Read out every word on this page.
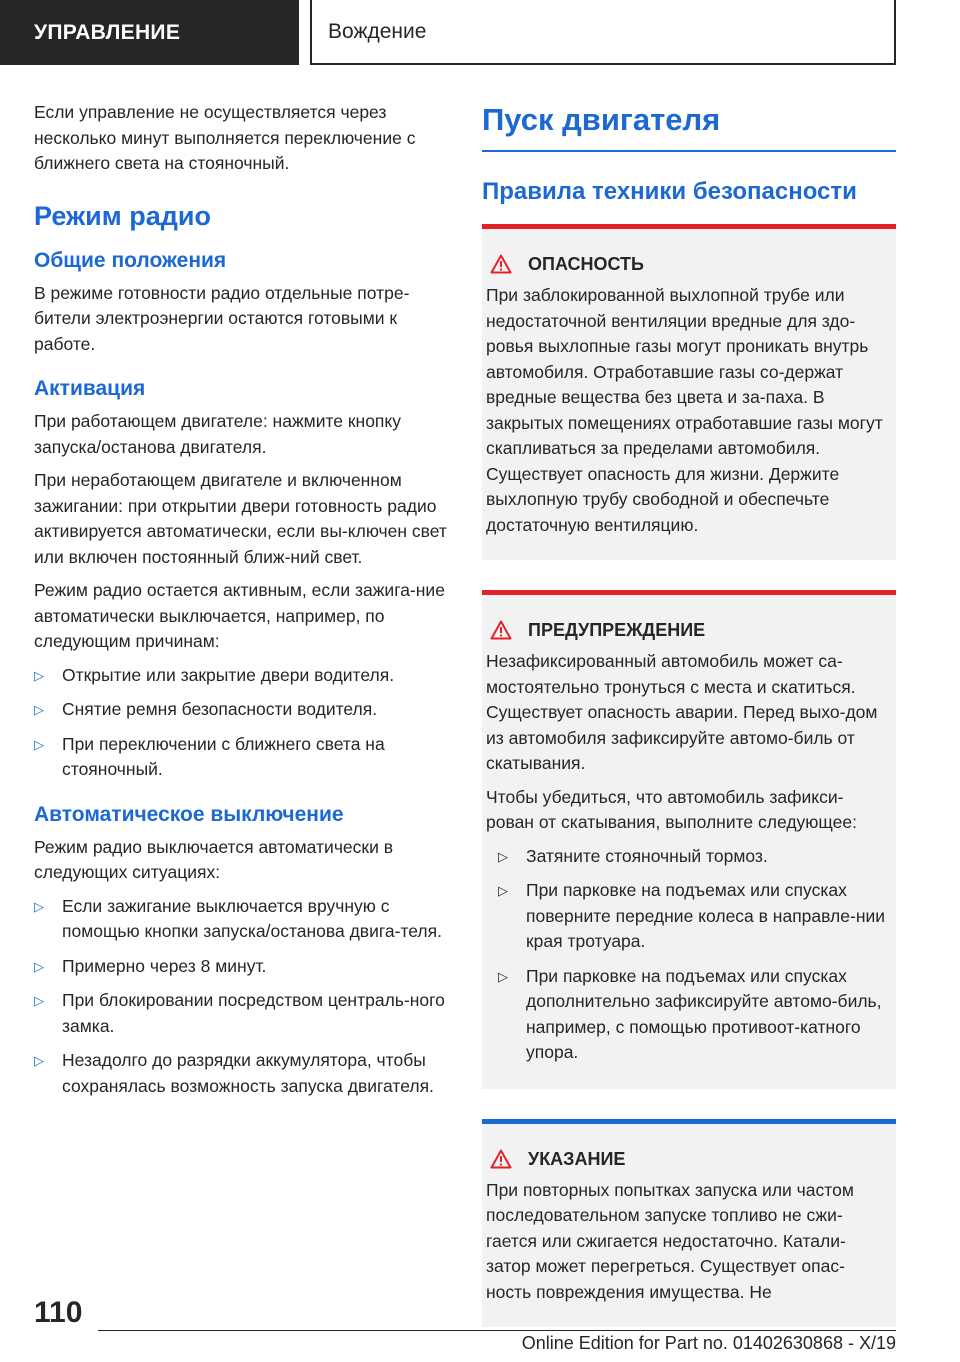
УПРАВЛЕНИЕ	Вождение

Если управление не осуществляется через несколько минут выполняется переключение с ближнего света на стояночный.

Режим радио
Общие положения

В режиме готовности радио отдельные потре-бители электроэнергии остаются готовыми к работе.

Активация

При работающем двигателе: нажмите кнопку запуска/останова двигателя.

При неработающем двигателе и включенном зажигании: при открытии двери готовность радио активируется автоматически, если вы-ключен свет или включен постоянный ближ-ний свет.

Режим радио остается активным, если зажига-ние автоматически выключается, например, по следующим причинам:

▷ Открытие или закрытие двери водителя.
▷ Снятие ремня безопасности водителя.
▷ При переключении с ближнего света на стояночный.
Автоматическое выключение

Режим радио выключается автоматически в следующих ситуациях:

▷ Если зажигание выключается вручную с помощью кнопки запуска/останова двига-теля.
▷ Примерно через 8 минут.
▷ При блокировании посредством централь-ного замка.
▷ Незадолго до разрядки аккумулятора, чтобы сохранялась возможность запуска двигателя.
Пуск двигателя
Правила техники безопасности
ОПАСНОСТЬ

При заблокированной выхлопной трубе или недостаточной вентиляции вредные для здо-ровья выхлопные газы могут проникать внутрь автомобиля. Отработавшие газы со-держат вредные вещества без цвета и за-паха. В закрытых помещениях отработавшие газы могут скапливаться за пределами автомобиля. Существует опасность для жизни. Держите выхлопную трубу свободной и обеспечьте достаточную вентиляцию.

ПРЕДУПРЕЖДЕНИЕ

Незафиксированный автомобиль может са-мостоятельно тронуться с места и скатиться. Существует опасность аварии. Перед выхо-дом из автомобиля зафиксируйте автомо-биль от скатывания.

Чтобы убедиться, что автомобиль зафикси-рован от скатывания, выполните следующее:

▷ Затяните стояночный тормоз.
▷ При парковке на подъемах или спусках поверните передние колеса в направле-нии края тротуара.
▷ При парковке на подъемах или спусках дополнительно зафиксируйте автомо-биль, например, с помощью противоот-катного упора.
УКАЗАНИЕ

При повторных попытках запуска или частом последовательном запуске топливо не сжи-гается или сжигается недостаточно. Катали-затор может перегреться. Существует опас-ность повреждения имущества. Не

110
Online Edition for Part no. 01402630868 - X/19
